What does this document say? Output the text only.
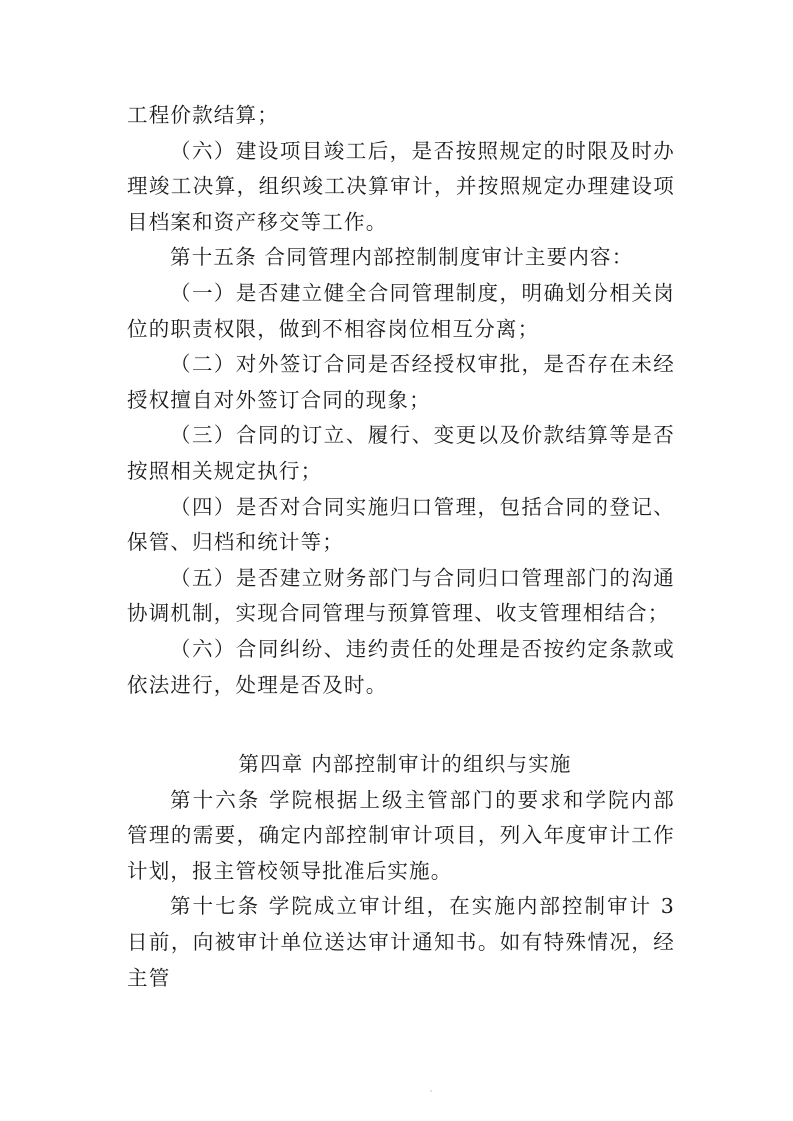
工程价款结算；

（六）建设项目竣工后，是否按照规定的时限及时办理竣工决算，组织竣工决算审计，并按照规定办理建设项目档案和资产移交等工作。

第十五条 合同管理内部控制制度审计主要内容：

（一）是否建立健全合同管理制度，明确划分相关岗位的职责权限，做到不相容岗位相互分离；

（二）对外签订合同是否经授权审批，是否存在未经授权擅自对外签订合同的现象；

（三）合同的订立、履行、变更以及价款结算等是否按照相关规定执行；

（四）是否对合同实施归口管理，包括合同的登记、保管、归档和统计等；

（五）是否建立财务部门与合同归口管理部门的沟通协调机制，实现合同管理与预算管理、收支管理相结合；

（六）合同纠纷、违约责任的处理是否按约定条款或依法进行，处理是否及时。

第四章 内部控制审计的组织与实施

第十六条 学院根据上级主管部门的要求和学院内部管理的需要，确定内部控制审计项目，列入年度审计工作计划，报主管校领导批准后实施。

第十七条 学院成立审计组，在实施内部控制审计 3 日前，向被审计单位送达审计通知书。如有特殊情况，经主管
